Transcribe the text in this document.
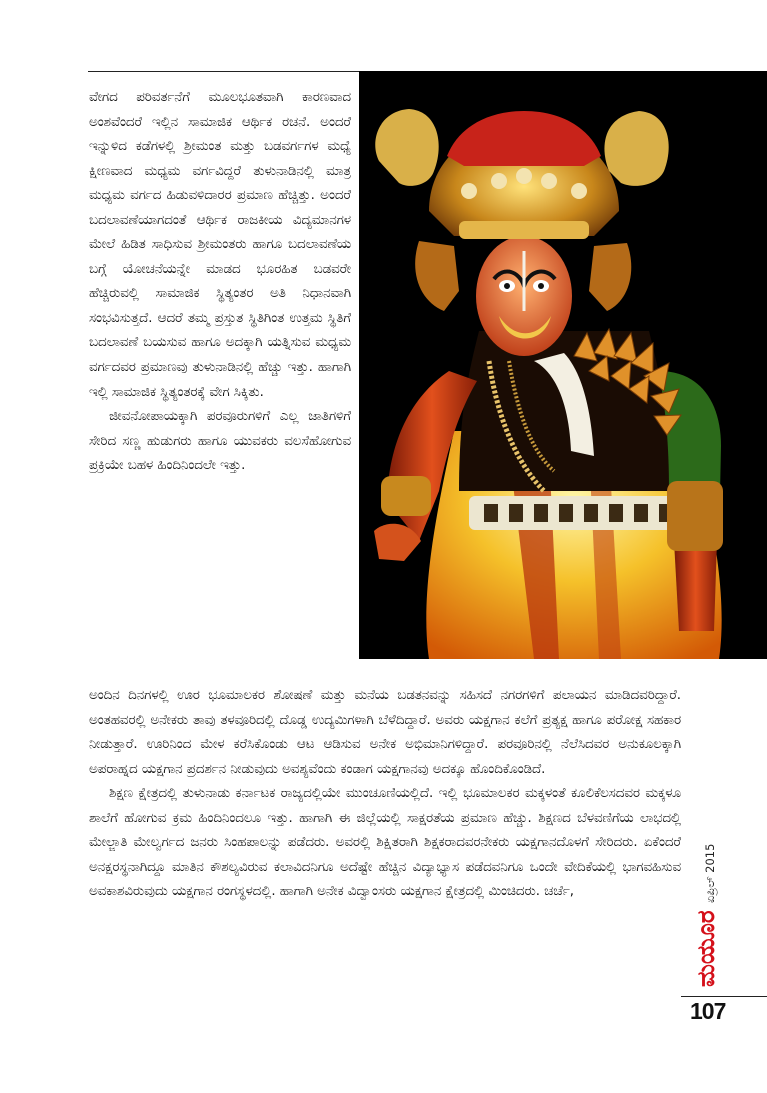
ವೇಗದ ಪರಿವರ್ತನೆಗೆ ಮೂಲಭೂತವಾಗಿ ಕಾರಣವಾದ ಅಂಶವೆಂದರೆ ಇಲ್ಲಿನ ಸಾಮಾಜಿಕ ಆರ್ಥಿಕ ರಚನೆ. ಅಂದರೆ ಇನ್ನುಳಿದ ಕಡೆಗಳಲ್ಲಿ ಶ್ರೀಮಂತ ಮತ್ತು ಬಡವರ್ಗಗಳ ಮಧ್ಯೆ ಕ್ಷೀಣವಾದ ಮಧ್ಯಮ ವರ್ಗವಿದ್ದರೆ ತುಳುನಾಡಿನಲ್ಲಿ ಮಾತ್ರ ಮಧ್ಯಮ ವರ್ಗದ ಹಿಡುವಳಿದಾರರ ಪ್ರಮಾಣ ಹೆಚ್ಚಿತ್ತು. ಅಂದರೆ ಬದಲಾವಣೆಯಾಗದಂತೆ ಆರ್ಥಿಕ ರಾಜಕೀಯ ವಿದ್ಯಮಾನಗಳ ಮೇಲೆ ಹಿಡಿತ ಸಾಧಿಸುವ ಶ್ರೀಮಂತರು ಹಾಗೂ ಬದಲಾವಣೆಯ ಬಗ್ಗೆ ಯೋಚನೆಯನ್ನೇ ಮಾಡದ ಭೂರಹಿತ ಬಡವರೇ ಹೆಚ್ಚಿರುವಲ್ಲಿ ಸಾಮಾಜಿಕ ಸ್ಥಿತ್ಯಂತರ ಅತಿ ನಿಧಾನವಾಗಿ ಸಂಭವಿಸುತ್ತದೆ. ಆದರೆ ತಮ್ಮ ಪ್ರಸ್ತುತ ಸ್ಥಿತಿಗಿಂತ ಉತ್ತಮ ಸ್ಥಿತಿಗೆ ಬದಲಾವಣೆ ಬಯಸುವ ಹಾಗೂ ಅದಕ್ಕಾಗಿ ಯತ್ನಿಸುವ ಮಧ್ಯಮ ವರ್ಗದವರ ಪ್ರಮಾಣವು ತುಳುನಾಡಿನಲ್ಲಿ ಹೆಚ್ಚು ಇತ್ತು. ಹಾಗಾಗಿ ಇಲ್ಲಿ ಸಾಮಾಜಿಕ ಸ್ಥಿತ್ಯಂತರಕ್ಕೆ ವೇಗ ಸಿಕ್ಕಿತು.

ಜೀವನೋಪಾಯಕ್ಕಾಗಿ ಪರವೂರುಗಳಿಗೆ ಎಲ್ಲ ಜಾತಿಗಳಿಗೆ ಸೇರಿದ ಸಣ್ಣ ಹುಡುಗರು ಹಾಗೂ ಯುವಕರು ವಲಸೆಹೋಗುವ ಪ್ರಕ್ರಿಯೇ ಬಹಳ ಹಿಂದಿನಿಂದಲೇ ಇತ್ತು.

ಅಂದಿನ ದಿನಗಳಲ್ಲಿ ಊರ ಭೂಮಾಲಕರ ಶೋಷಣೆ ಮತ್ತು ಮನೆಯ ಬಡತನವನ್ನು ಸಹಿಸದೆ ನಗರಗಳಿಗೆ ಪಲಾಯನ ಮಾಡಿದವರಿದ್ದಾರೆ. ಅಂತಹವರಲ್ಲಿ ಅನೇಕರು ತಾವು ತಳವೂರಿದಲ್ಲಿ ದೊಡ್ಡ ಉದ್ಯಮಿಗಳಾಗಿ ಬೆಳೆದಿದ್ದಾರೆ. ಅವರು ಯಕ್ಷಗಾನ ಕಲೆಗೆ ಪ್ರತ್ಯಕ್ಷ ಹಾಗೂ ಪರೋಕ್ಷ ಸಹಕಾರ ನೀಡುತ್ತಾರೆ. ಊರಿನಿಂದ ಮೇಳ ಕರೆಸಿಕೊಂಡು ಆಟ ಆಡಿಸುವ ಅನೇಕ ಅಭಿಮಾನಿಗಳಿದ್ದಾರೆ. ಪರವೂರಿನಲ್ಲಿ ನೆಲೆಸಿದವರ ಅನುಕೂಲಕ್ಕಾಗಿ ಅಪರಾಹ್ನದ ಯಕ್ಷಗಾನ ಪ್ರದರ್ಶನ ನೀಡುವುದು ಅವಶ್ಯವೆಂದು ಕಂಡಾಗ ಯಕ್ಷಗಾನವು ಅದಕ್ಕೂ ಹೊಂದಿಕೊಂಡಿದೆ.

ಶಿಕ್ಷಣ ಕ್ಷೇತ್ರದಲ್ಲಿ ತುಳುನಾಡು ಕರ್ನಾಟಕ ರಾಜ್ಯದಲ್ಲಿಯೇ ಮುಂಚೂಣಿಯಲ್ಲಿದೆ. ಇಲ್ಲಿ ಭೂಮಾಲಕರ ಮಕ್ಕಳಂತೆ ಕೂಲಿಕೆಲಸದವರ ಮಕ್ಕಳೂ ಶಾಲೆಗೆ ಹೋಗುವ ಕ್ರಮ ಹಿಂದಿನಿಂದಲೂ ಇತ್ತು. ಹಾಗಾಗಿ ಈ ಜಿಲ್ಲೆಯಲ್ಲಿ ಸಾಕ್ಷರತೆಯ ಪ್ರಮಾಣ ಹೆಚ್ಚು. ಶಿಕ್ಷಣದ ಬೆಳವಣಿಗೆಯ ಲಾಭದಲ್ಲಿ ಮೇಲ್ಜಾತಿ ಮೇಲ್ವರ್ಗದ ಜನರು ಸಿಂಹಪಾಲನ್ನು ಪಡೆದರು. ಅವರಲ್ಲಿ ಶಿಕ್ಷಿತರಾಗಿ ಶಿಕ್ಷಕರಾದವರನೇಕರು ಯಕ್ಷಗಾನದೊಳಗೆ ಸೇರಿದರು. ಏಕೆಂದರೆ ಅನಕ್ಷರಸ್ಥನಾಗಿದ್ದೂ ಮಾತಿನ ಕೌಶಲ್ಯವಿರುವ ಕಲಾವಿದನಿಗೂ ಅದೆಷ್ಟೇ ಹೆಚ್ಚಿನ ವಿದ್ಯಾಭ್ಯಾಸ ಪಡೆದವನಿಗೂ ಒಂದೇ ವೇದಿಕೆಯಲ್ಲಿ ಭಾಗವಹಿಸುವ ಅವಕಾಶವಿರುವುದು ಯಕ್ಷಗಾನ ರಂಗಸ್ಥಳದಲ್ಲಿ. ಹಾಗಾಗಿ ಅನೇಕ ವಿದ್ವಾಂಸರು ಯಕ್ಷಗಾನ ಕ್ಷೇತ್ರದಲ್ಲಿ ಮಿಂಚಿದರು. ಚರ್ಚೆ,	ಏಪ್ರಿಲ್ 2015
ಮಯೂರ
107
